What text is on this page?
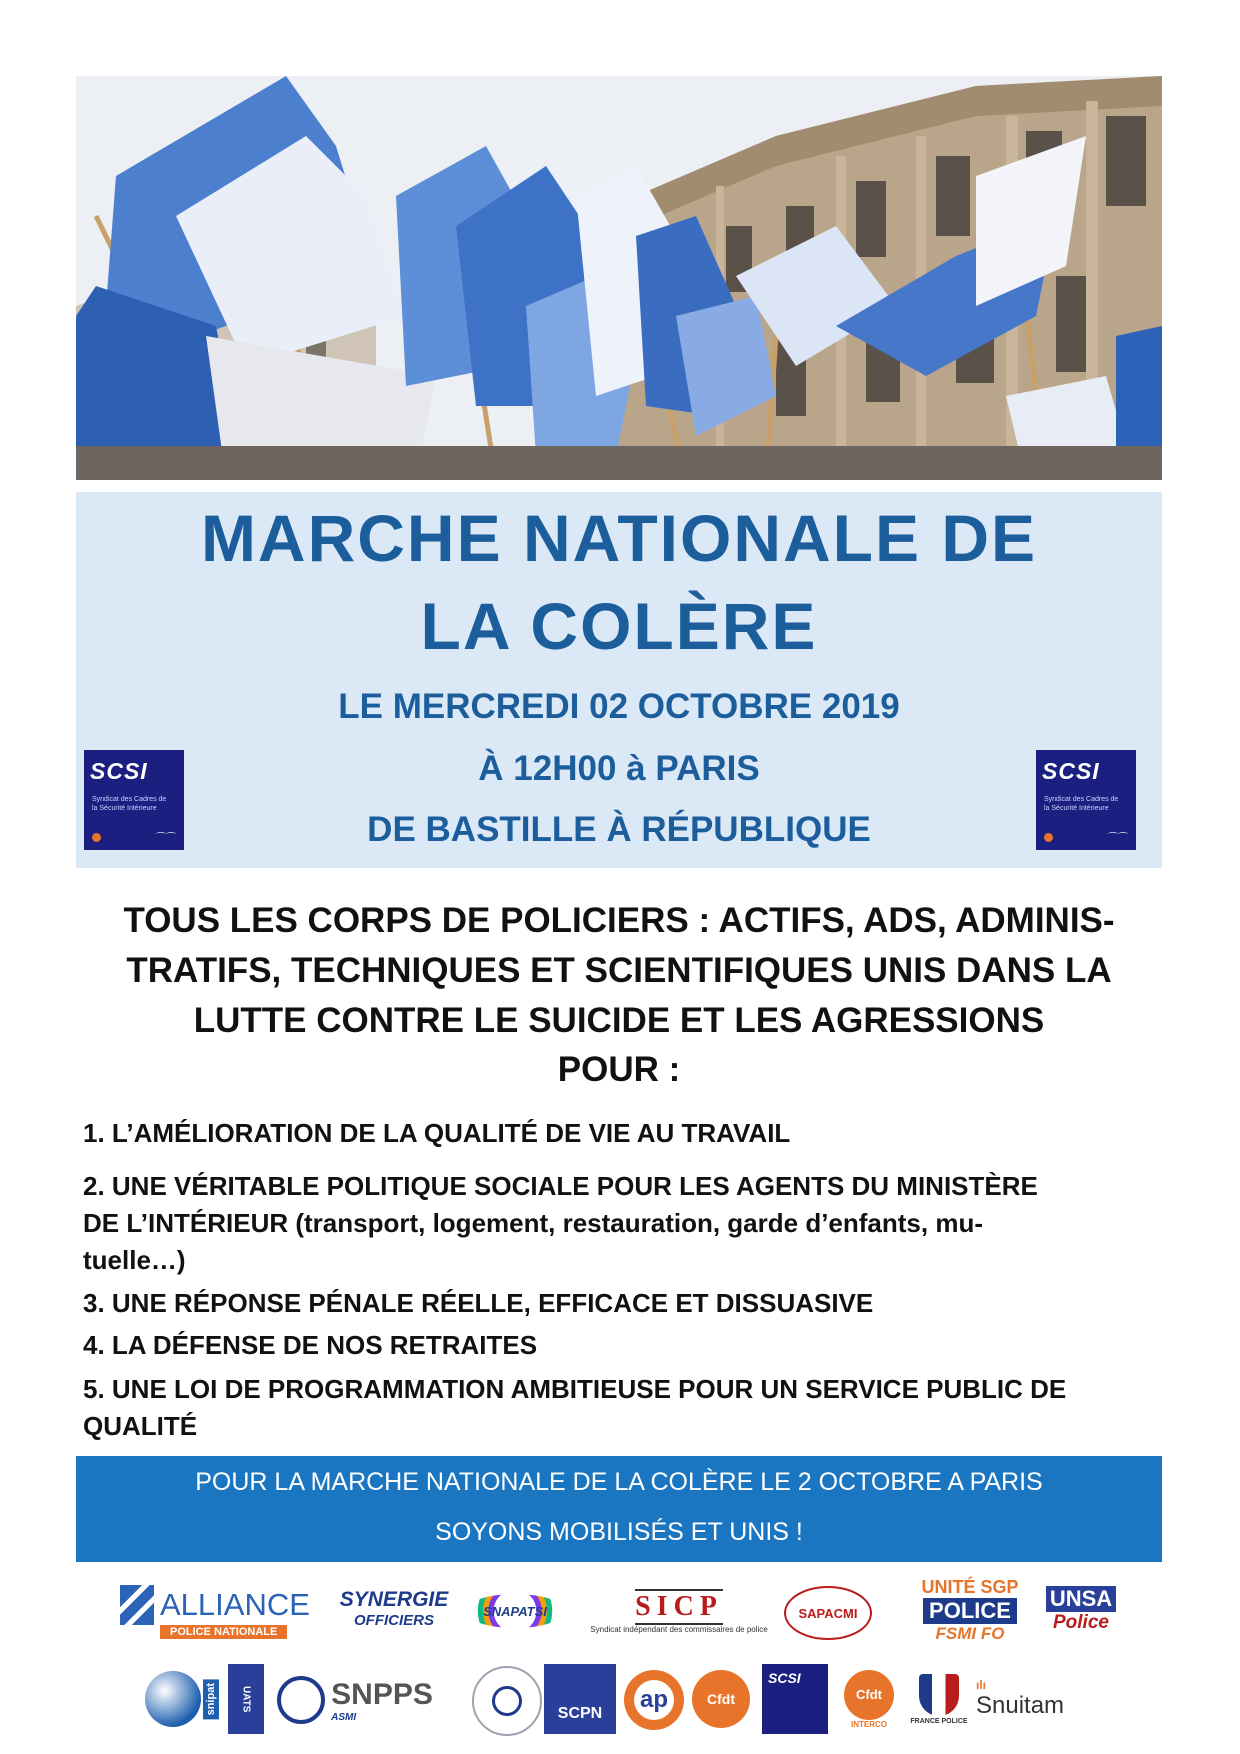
MARCHE NATIONALE DE
LA COLÈRE
LE MERCREDI 02 OCTOBRE 2019
À 12H00 à PARIS
DE BASTILLE À RÉPUBLIQUE
SCSI
Syndicat des Cadres de la Sécurité Intérieure
⌒⌒
SCSI
Syndicat des Cadres de la Sécurité Intérieure
⌒⌒
TOUS LES CORPS DE POLICIERS : ACTIFS, ADS, ADMINIS-
TRATIFS, TECHNIQUES ET SCIENTIFIQUES UNIS DANS LA
LUTTE CONTRE LE SUICIDE ET LES AGRESSIONS
POUR :
1. L’AMÉLIORATION DE LA QUALITÉ DE VIE AU TRAVAIL
2. UNE VÉRITABLE POLITIQUE SOCIALE POUR LES AGENTS DU MINISTÈRE
DE L’INTÉRIEUR (transport, logement, restauration, garde d’enfants, mu-
tuelle…)
3. UNE RÉPONSE PÉNALE RÉELLE, EFFICACE ET DISSUASIVE
4. LA DÉFENSE DE NOS RETRAITES
5. UNE LOI DE PROGRAMMATION AMBITIEUSE POUR UN SERVICE PUBLIC DE
QUALITÉ
POUR LA MARCHE NATIONALE DE LA COLÈRE LE 2 OCTOBRE A PARIS
SOYONS MOBILISÉS ET UNIS !
ALLIANCE
POLICE NATIONALE
SYNERGIE
OFFICIERS
SNAPATSI	SICP
Syndicat indépendant des commissaires de police
SAPACMI
UNITÉ SGP
POLICE
FSMI FO
UNSA
Police
snipat UATS	SNPPS
ASMI	SCPN
ap	Cfdt
SCSI
Cfdt
INTERCO	FRANCE POLICE
ılı
Snuitam
